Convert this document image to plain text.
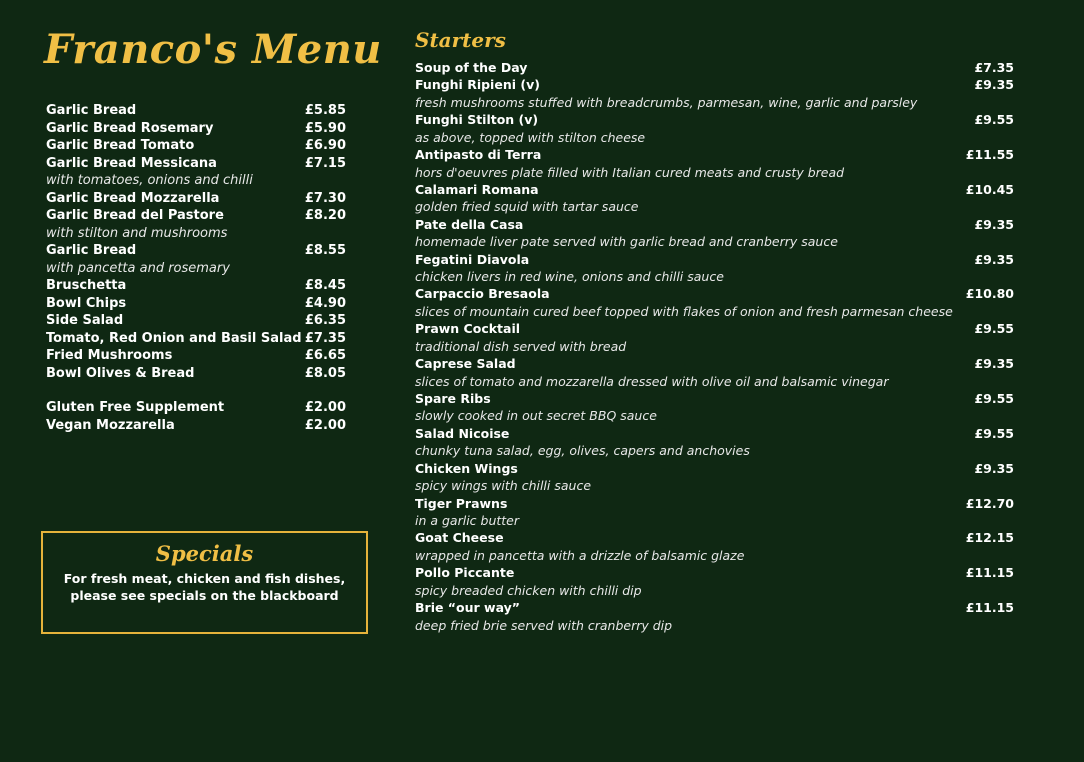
Franco's Menu
Garlic Bread	£5.85
Garlic Bread Rosemary	£5.90
Garlic Bread Tomato	£6.90
Garlic Bread Messicana	£7.15
with tomatoes, onions and chilli
Garlic Bread Mozzarella	£7.30
Garlic Bread del Pastore	£8.20
with stilton and mushrooms
Garlic Bread	£8.55
with pancetta and rosemary
Bruschetta	£8.45
Bowl Chips	£4.90
Side Salad	£6.35
Tomato, Red Onion and Basil Salad £7.35
Fried Mushrooms	£6.65
Bowl Olives & Bread	£8.05
Gluten Free Supplement	£2.00
Vegan Mozzarella	£2.00
Specials
For fresh meat, chicken and fish dishes, please see specials on the blackboard
Starters
Soup of the Day	£7.35
Funghi Ripieni (v)	£9.35
fresh mushrooms stuffed with breadcrumbs, parmesan, wine, garlic and parsley
Funghi Stilton (v)	£9.55
as above, topped with stilton cheese
Antipasto di Terra	£11.55
hors d'oeuvres plate filled with Italian cured meats and crusty bread
Calamari Romana	£10.45
golden fried squid with tartar sauce
Pate della Casa	£9.35
homemade liver pate served with garlic bread and cranberry sauce
Fegatini Diavola	£9.35
chicken livers in red wine, onions and chilli sauce
Carpaccio Bresaola	£10.80
slices of mountain cured beef topped with flakes of onion and fresh parmesan cheese
Prawn Cocktail	£9.55
traditional dish served with bread
Caprese Salad	£9.35
slices of tomato and mozzarella dressed with olive oil and balsamic vinegar
Spare Ribs	£9.55
slowly cooked in out secret BBQ sauce
Salad Nicoise	£9.55
chunky tuna salad, egg, olives, capers and anchovies
Chicken Wings	£9.35
spicy wings with chilli sauce
Tiger Prawns	£12.70
in a garlic butter
Goat Cheese	£12.15
wrapped in pancetta with a drizzle of balsamic glaze
Pollo Piccante	£11.15
spicy breaded chicken with chilli dip
Brie “our way”	£11.15
deep fried brie served with cranberry dip
